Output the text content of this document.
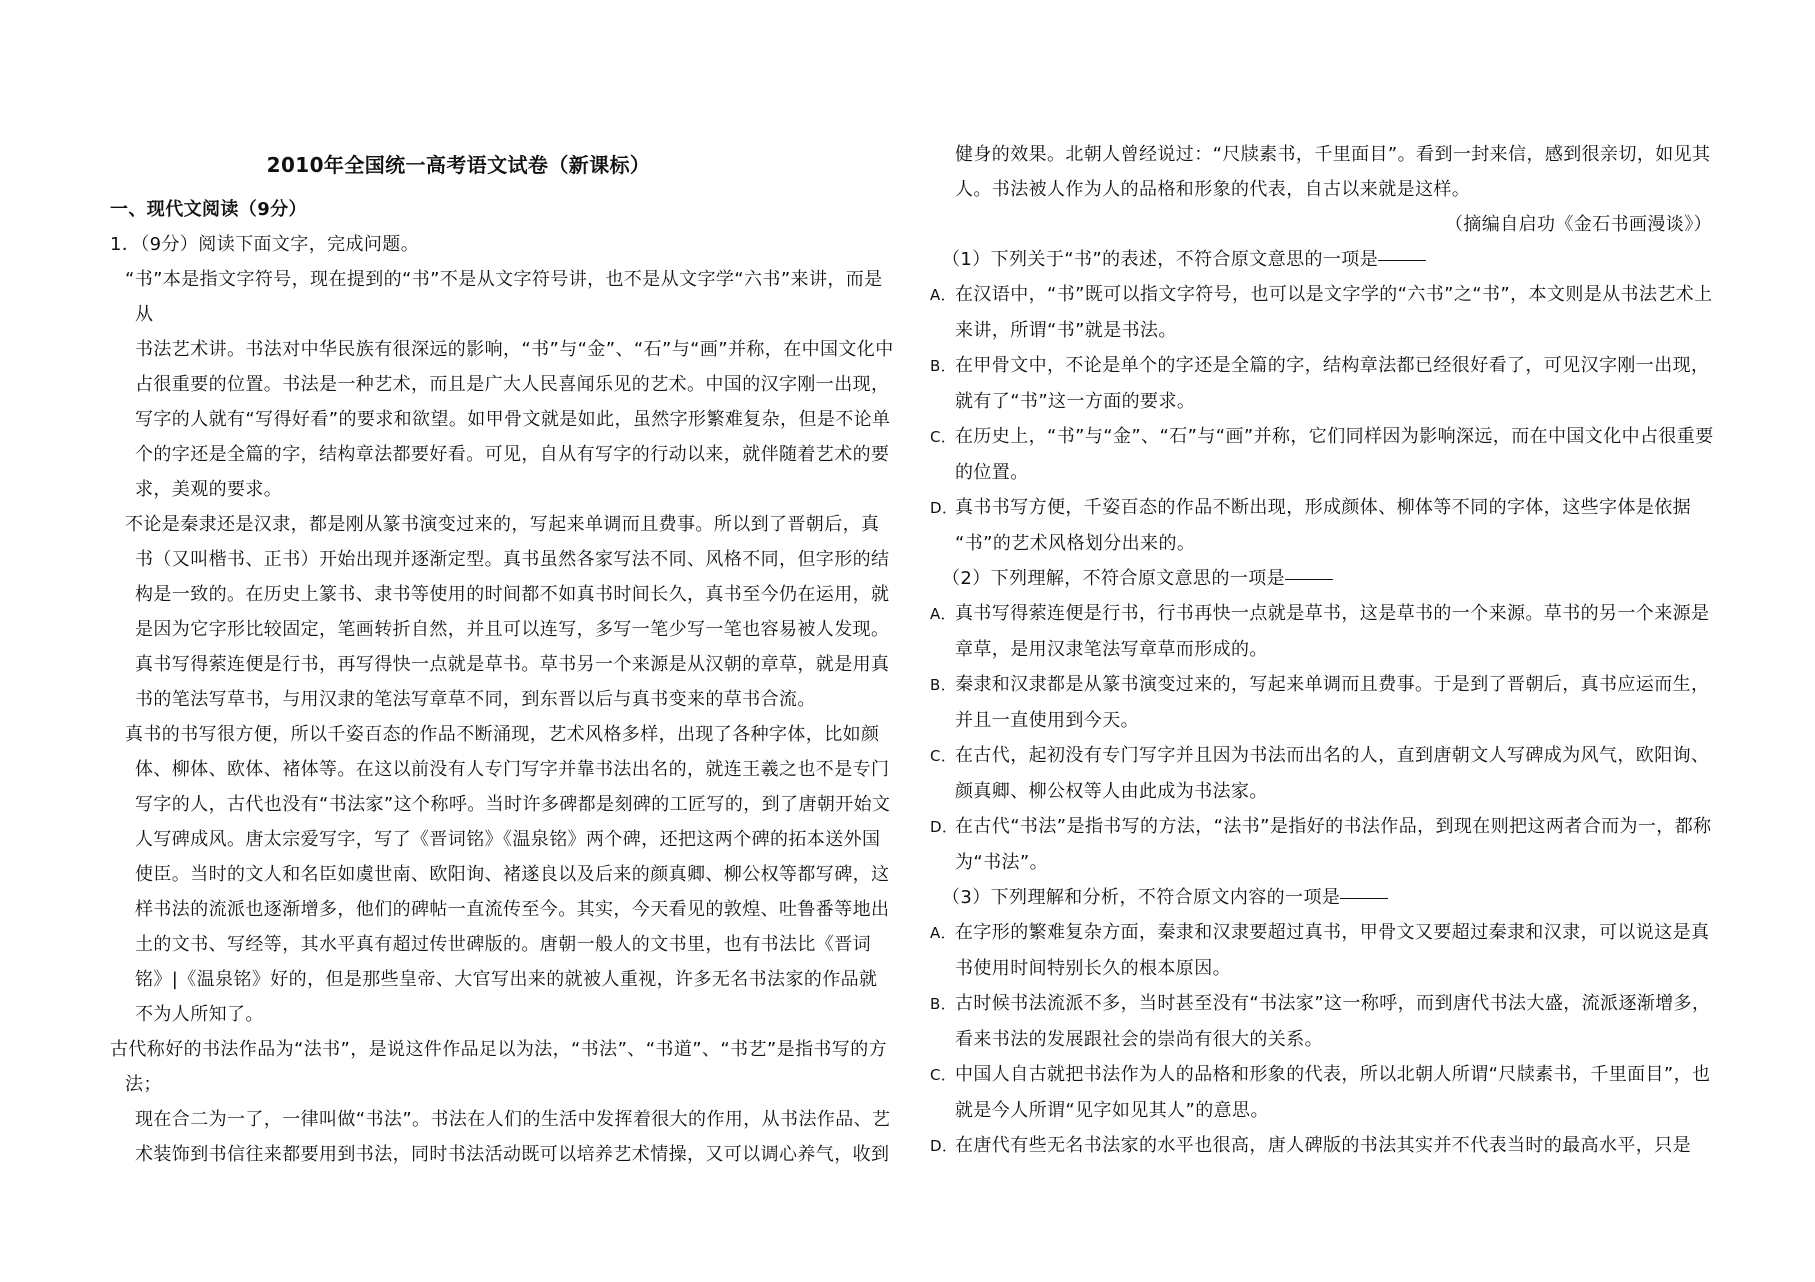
2010年全国统一高考语文试卷（新课标）

一、现代文阅读（9分）

1．（9分）阅读下面文字，完成问题。

“书”本是指文字符号，现在提到的“书”不是从文字符号讲，也不是从文字学“六书”来讲，而是从

书法艺术讲。书法对中华民族有很深远的影响，“书”与“金”、“石”与“画”并称，在中国文化中

占很重要的位置。书法是一种艺术，而且是广大人民喜闻乐见的艺术。中国的汉字刚一出现，

写字的人就有“写得好看”的要求和欲望。如甲骨文就是如此，虽然字形繁难复杂，但是不论单

个的字还是全篇的字，结构章法都要好看。可见，自从有写字的行动以来，就伴随着艺术的要

求，美观的要求。

不论是秦隶还是汉隶，都是刚从篆书演变过来的，写起来单调而且费事。所以到了晋朝后，真

书（又叫楷书、正书）开始出现并逐渐定型。真书虽然各家写法不同、风格不同，但字形的结

构是一致的。在历史上篆书、隶书等使用的时间都不如真书时间长久，真书至今仍在运用，就

是因为它字形比较固定，笔画转折自然，并且可以连写，多写一笔少写一笔也容易被人发现。

真书写得萦连便是行书，再写得快一点就是草书。草书另一个来源是从汉朝的章草，就是用真

书的笔法写草书，与用汉隶的笔法写章草不同，到东晋以后与真书变来的草书合流。

真书的书写很方便，所以千姿百态的作品不断涌现，艺术风格多样，出现了各种字体，比如颜

体、柳体、欧体、褚体等。在这以前没有人专门写字并靠书法出名的，就连王羲之也不是专门

写字的人，古代也没有“书法家”这个称呼。当时许多碑都是刻碑的工匠写的，到了唐朝开始文

人写碑成风。唐太宗爱写字，写了《晋词铭》《温泉铭》两个碑，还把这两个碑的拓本送外国

使臣。当时的文人和名臣如虞世南、欧阳询、褚遂良以及后来的颜真卿、柳公权等都写碑，这

样书法的流派也逐渐增多，他们的碑帖一直流传至今。其实，今天看见的敦煌、吐鲁番等地出

土的文书、写经等，其水平真有超过传世碑版的。唐朝一般人的文书里，也有书法比《晋词

铭》|《温泉铭》好的，但是那些皇帝、大官写出来的就被人重视，许多无名书法家的作品就

不为人所知了。

古代称好的书法作品为“法书”，是说这件作品足以为法，“书法”、“书道”、“书艺”是指书写的方法；

现在合二为一了，一律叫做“书法”。书法在人们的生活中发挥着很大的作用，从书法作品、艺

术装饰到书信往来都要用到书法，同时书法活动既可以培养艺术情操，又可以调心养气，收到

健身的效果。北朝人曾经说过：“尺牍素书，千里面目”。看到一封来信，感到很亲切，如见其

人。书法被人作为人的品格和形象的代表，自古以来就是这样。

（摘编自启功《金石书画漫谈》）

（1）下列关于“书”的表述，不符合原文意思的一项是

A．在汉语中，“书”既可以指文字符号，也可以是文字学的“六书”之“书”，本文则是从书法艺术上

来讲，所谓“书”就是书法。

B．在甲骨文中，不论是单个的字还是全篇的字，结构章法都已经很好看了，可见汉字刚一出现，

就有了“书”这一方面的要求。

C．在历史上，“书”与“金”、“石”与“画”并称，它们同样因为影响深远，而在中国文化中占很重要

的位置。

D．真书书写方便，千姿百态的作品不断出现，形成颜体、柳体等不同的字体，这些字体是依据

“书”的艺术风格划分出来的。

（2）下列理解，不符合原文意思的一项是

A．真书写得萦连便是行书，行书再快一点就是草书，这是草书的一个来源。草书的另一个来源是

章草，是用汉隶笔法写章草而形成的。

B．秦隶和汉隶都是从篆书演变过来的，写起来单调而且费事。于是到了晋朝后，真书应运而生，

并且一直使用到今天。

C．在古代，起初没有专门写字并且因为书法而出名的人，直到唐朝文人写碑成为风气，欧阳询、

颜真卿、柳公权等人由此成为书法家。

D．在古代“书法”是指书写的方法，“法书”是指好的书法作品，到现在则把这两者合而为一，都称

为“书法”。

（3）下列理解和分析，不符合原文内容的一项是

A．在字形的繁难复杂方面，秦隶和汉隶要超过真书，甲骨文又要超过秦隶和汉隶，可以说这是真

书使用时间特别长久的根本原因。

B．古时候书法流派不多，当时甚至没有“书法家”这一称呼，而到唐代书法大盛，流派逐渐增多，

看来书法的发展跟社会的崇尚有很大的关系。

C．中国人自古就把书法作为人的品格和形象的代表，所以北朝人所谓“尺牍素书，千里面目”，也

就是今人所谓“见字如见其人”的意思。

D．在唐代有些无名书法家的水平也很高，唐人碑版的书法其实并不代表当时的最高水平，只是
